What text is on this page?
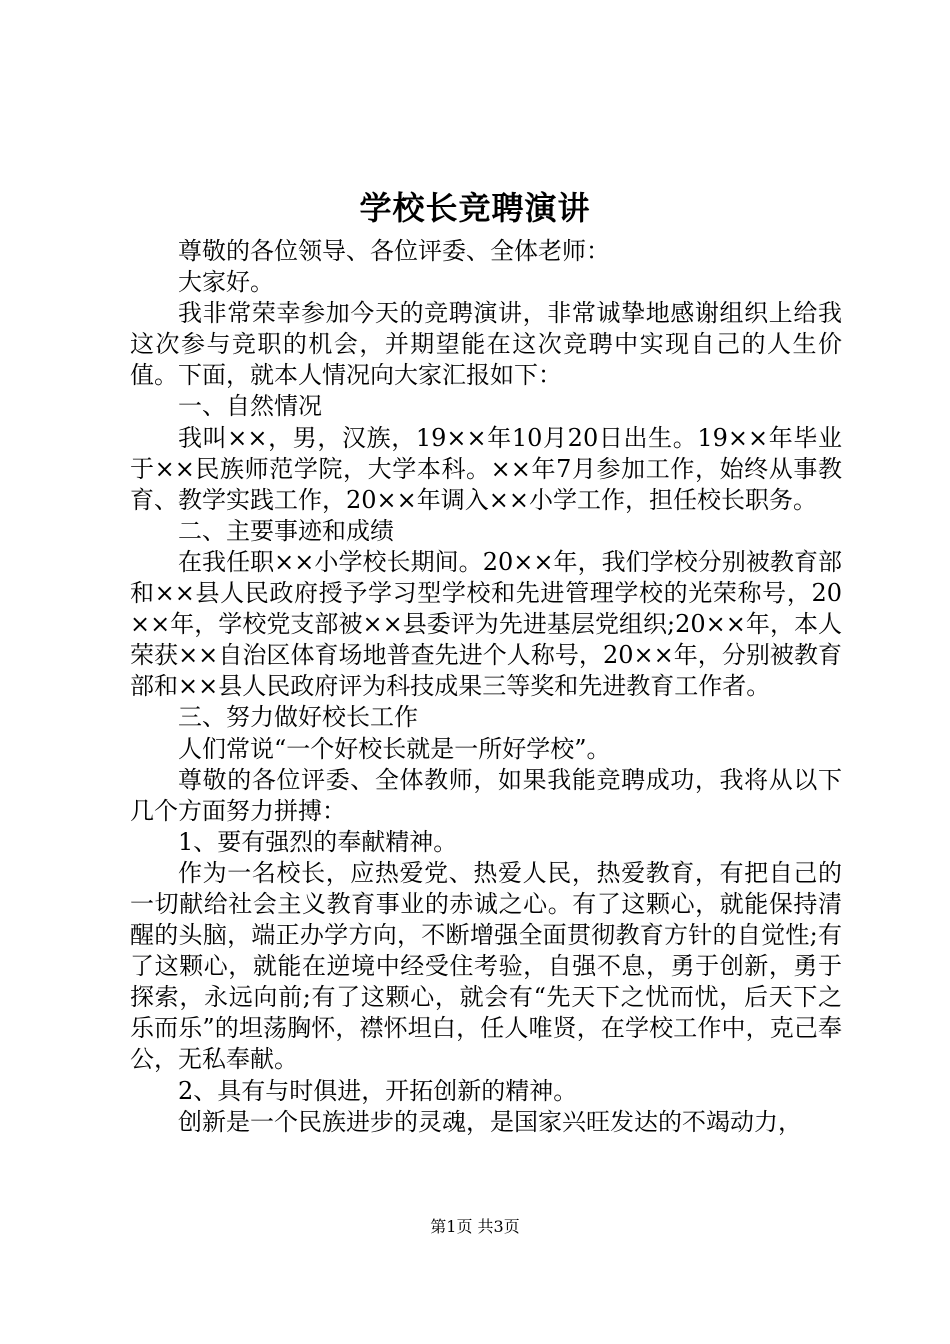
学校长竞聘演讲

尊敬的各位领导、各位评委、全体老师：

大家好。

我非常荣幸参加今天的竞聘演讲，非常诚挚地感谢组织上给我这次参与竞职的机会，并期望能在这次竞聘中实现自己的人生价值。下面，就本人情况向大家汇报如下：

一、自然情况

我叫××，男，汉族，19××年10月20日出生。19××年毕业于××民族师范学院，大学本科。××年7月参加工作，始终从事教育、教学实践工作，20××年调入××小学工作，担任校长职务。

二、主要事迹和成绩

在我任职××小学校长期间。20××年，我们学校分别被教育部和××县人民政府授予学习型学校和先进管理学校的光荣称号，20××年，学校党支部被××县委评为先进基层党组织;20××年，本人荣获××自治区体育场地普查先进个人称号，20××年，分别被教育部和××县人民政府评为科技成果三等奖和先进教育工作者。

三、努力做好校长工作

人们常说“一个好校长就是一所好学校”。

尊敬的各位评委、全体教师，如果我能竞聘成功，我将从以下几个方面努力拼搏：

1、要有强烈的奉献精神。

作为一名校长，应热爱党、热爱人民，热爱教育，有把自己的一切献给社会主义教育事业的赤诚之心。有了这颗心，就能保持清醒的头脑，端正办学方向，不断增强全面贯彻教育方针的自觉性;有了这颗心，就能在逆境中经受住考验，自强不息，勇于创新，勇于探索，永远向前;有了这颗心，就会有“先天下之忧而忧，后天下之乐而乐”的坦荡胸怀，襟怀坦白，任人唯贤，在学校工作中，克己奉公，无私奉献。

2、具有与时俱进，开拓创新的精神。

创新是一个民族进步的灵魂，是国家兴旺发达的不竭动力，

第1页 共3页
